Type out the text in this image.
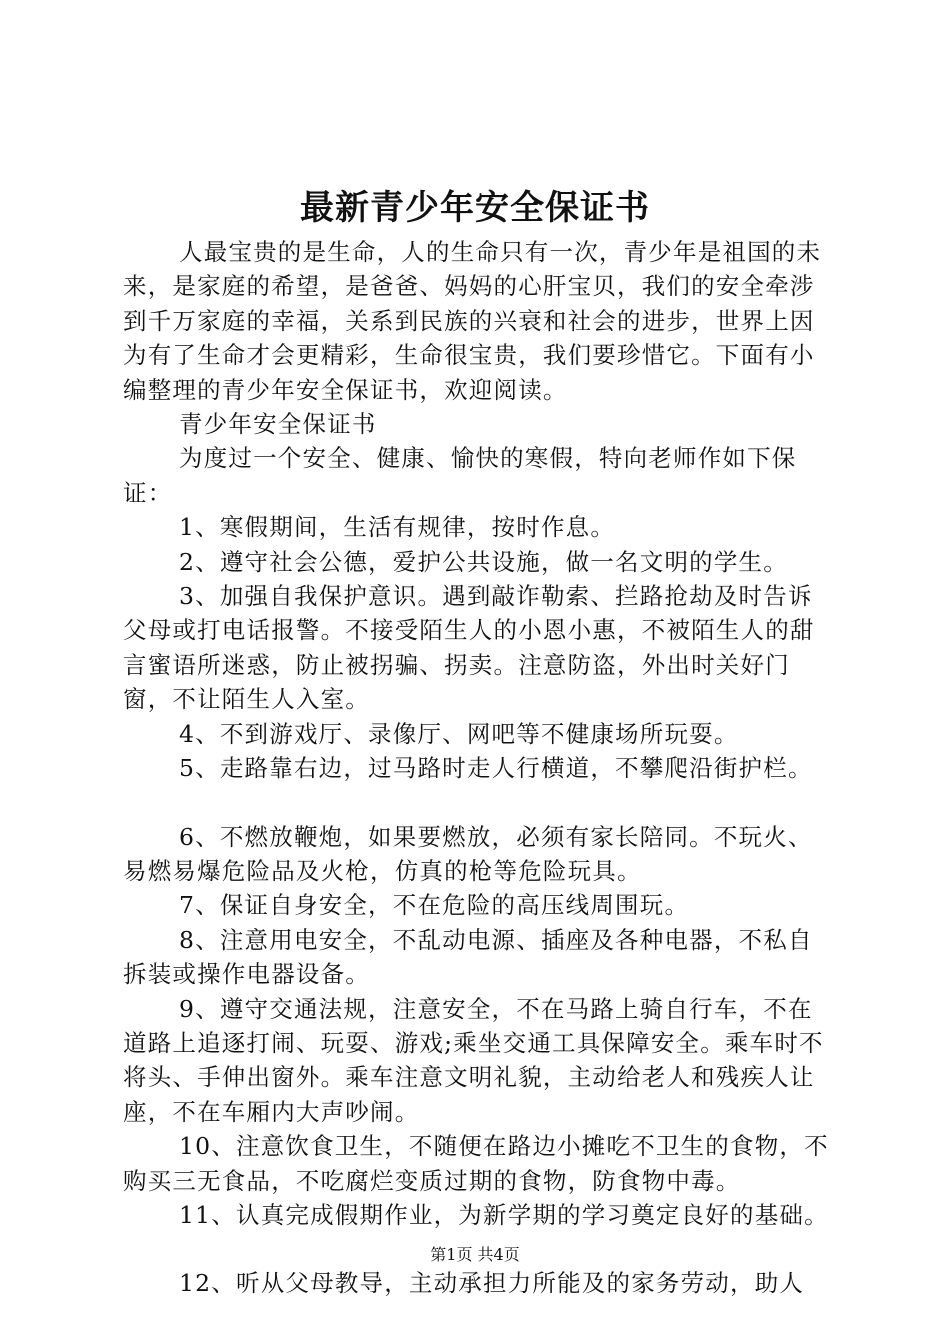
最新青少年安全保证书

人最宝贵的是生命，人的生命只有一次，青少年是祖国的未来，是家庭的希望，是爸爸、妈妈的心肝宝贝，我们的安全牵涉到千万家庭的幸福，关系到民族的兴衰和社会的进步，世界上因为有了生命才会更精彩，生命很宝贵，我们要珍惜它。下面有小编整理的青少年安全保证书，欢迎阅读。

青少年安全保证书

为度过一个安全、健康、愉快的寒假，特向老师作如下保证：

1、寒假期间，生活有规律，按时作息。

2、遵守社会公德，爱护公共设施，做一名文明的学生。

3、加强自我保护意识。遇到敲诈勒索、拦路抢劫及时告诉父母或打电话报警。不接受陌生人的小恩小惠，不被陌生人的甜言蜜语所迷惑，防止被拐骗、拐卖。注意防盗，外出时关好门窗，不让陌生人入室。

4、不到游戏厅、录像厅、网吧等不健康场所玩耍。

5、走路靠右边，过马路时走人行横道，不攀爬沿街护栏。

6、不燃放鞭炮，如果要燃放，必须有家长陪同。不玩火、易燃易爆危险品及火枪，仿真的枪等危险玩具。

7、保证自身安全，不在危险的高压线周围玩。

8、注意用电安全，不乱动电源、插座及各种电器，不私自拆装或操作电器设备。

9、遵守交通法规，注意安全，不在马路上骑自行车，不在道路上追逐打闹、玩耍、游戏;乘坐交通工具保障安全。乘车时不将头、手伸出窗外。乘车注意文明礼貌，主动给老人和残疾人让座，不在车厢内大声吵闹。

10、注意饮食卫生，不随便在路边小摊吃不卫生的食物，不购买三无食品，不吃腐烂变质过期的食物，防食物中毒。

11、认真完成假期作业，为新学期的学习奠定良好的基础。

12、听从父母教导，主动承担力所能及的家务劳动，助人

第1页 共4页
